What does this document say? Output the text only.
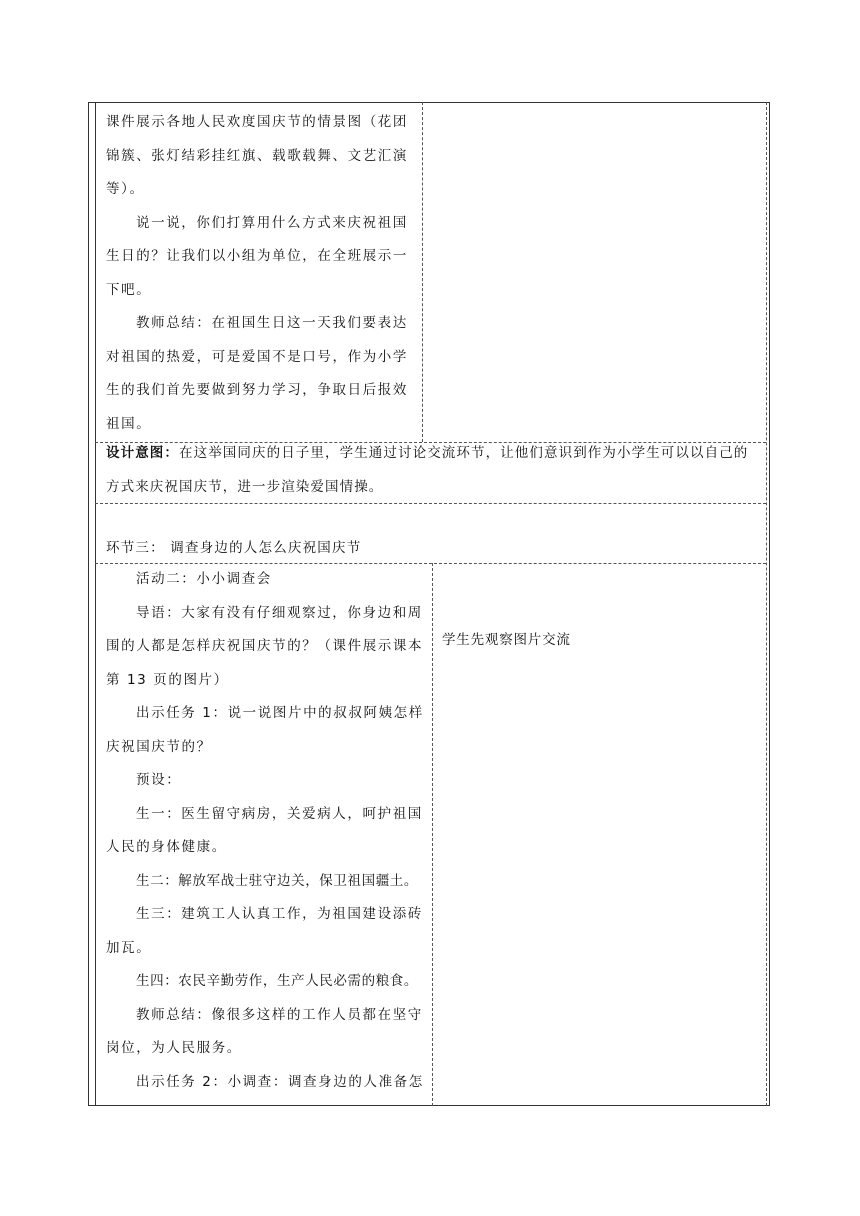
课件展示各地人民欢度国庆节的情景图（花团锦簇、张灯结彩挂红旗、载歌载舞、文艺汇演等）。

说一说，你们打算用什么方式来庆祝祖国生日的？让我们以小组为单位，在全班展示一下吧。

教师总结：在祖国生日这一天我们要表达对祖国的热爱，可是爱国不是口号，作为小学生的我们首先要做到努力学习，争取日后报效祖国。

设计意图：在这举国同庆的日子里，学生通过讨论交流环节，让他们意识到作为小学生可以以自己的方式来庆祝国庆节，进一步渲染爱国情操。

环节三： 调查身边的人怎么庆祝国庆节

活动二：小小调查会

导语：大家有没有仔细观察过，你身边和周围的人都是怎样庆祝国庆节的？（课件展示课本第 13 页的图片）

出示任务 1：说一说图片中的叔叔阿姨怎样庆祝国庆节的？

预设：

生一：医生留守病房，关爱病人，呵护祖国人民的身体健康。

生二：解放军战士驻守边关，保卫祖国疆土。

生三：建筑工人认真工作，为祖国建设添砖加瓦。

生四：农民辛勤劳作，生产人民必需的粮食。

教师总结：像很多这样的工作人员都在坚守岗位，为人民服务。

出示任务 2：小调查：调查身边的人准备怎

学生先观察图片交流
